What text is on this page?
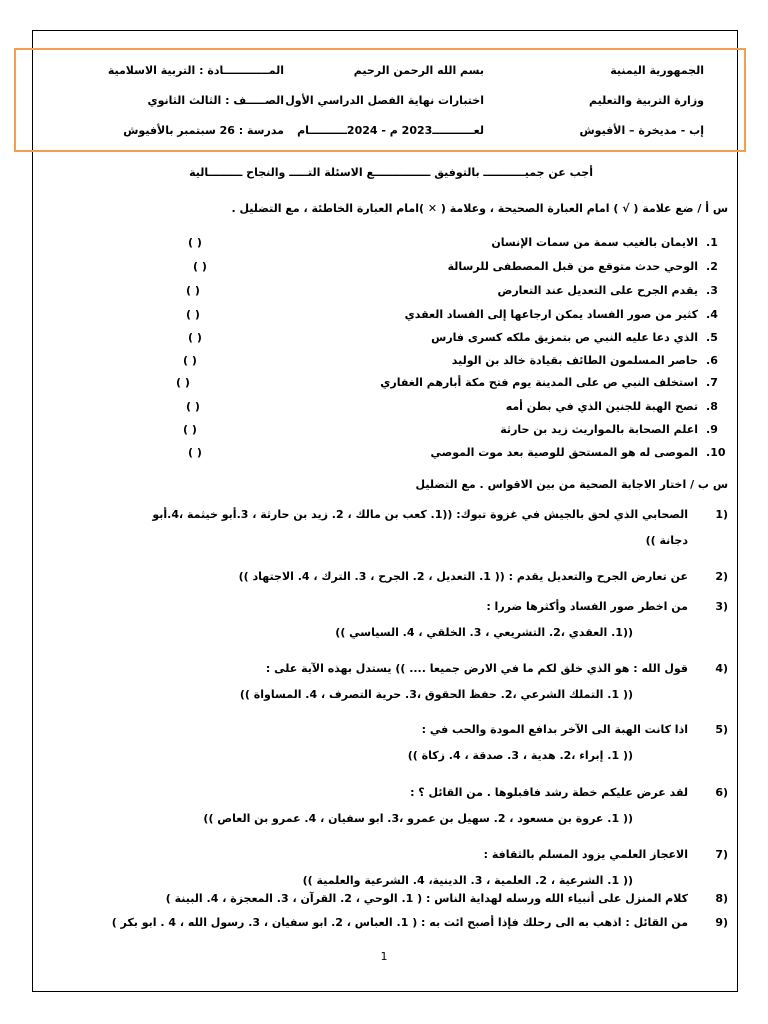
الجمهورية اليمنية
بسم الله الرحمن الرحيم
المــــــــــــادة : التربية الاسلامية
وزارة التربية والتعليم
اختبارات نهاية الفصل الدراسي الأول
الصـــــف : الثالث الثانوي
إب - مديخرة – الأفيوش
لعـــــــــــ2023 م - 2024ــــــــــام
مدرسة : 26 سبتمبر بالأفيوش
أجب عن جميـــــــــــ بالتوفيق ـــــــــــــــع الاسئلة التـــــ والنجاح ـــــــــالية
س أ / ضع علامة ( √ ) امام العبارة الصحيحة ، وعلامة ( ✕ )امام العبارة الخاطئة ، مع التضليل .
1.
الايمان بالغيب سمة من سمات الإنسان
( )
2.
الوحي حدث متوقع من قبل المصطفى للرسالة
( )
3.
يقدم الجرح على التعديل عند التعارض
( )
4.
كثير من صور الفساد يمكن ارجاعها إلى الفساد العقدي
( )
5.
الذي دعا عليه النبي ص بتمزيق ملكه كسرى فارس
( )
6.
حاصر المسلمون الطائف بقيادة خالد بن الوليد
( )
7.
استخلف النبي ص على المدينة يوم فتح مكة أبارهم الغفاري
( )
8.
تصح الهبة للجنين الذي في بطن أمه
( )
9.
اعلم الصحابة بالمواريث زيد بن حارثة
( )
10.
الموصى له هو المستحق للوصية بعد موت الموصي
( )
س ب / اختار الاجابة الصحية من بين الاقواس . مع التضليل
(1
الصحابي الذي لحق بالجيش في غزوة تبوك: ((1. كعب بن مالك ، 2. زيد بن حارثة ، 3.أبو خيثمة ،4.أبو
دجانة ))
(2
عن تعارض الجرح والتعديل يقدم : (( 1. التعديل ، 2. الجرح ، 3. الترك ، 4. الاجتهاد ))
(3
من اخطر صور الفساد وأكثرها ضررا :
((1. العقدي ،2. التشريعي ، 3. الخلقي ، 4. السياسي ))
(4
قول الله : هو الذي خلق لكم ما في الارض جميعا .... )) يستدل بهذه الآية على :
(( 1. التملك الشرعي ،2. حفظ الحقوق ،3. حرية التصرف ، 4. المساواة ))
(5
اذا كانت الهبة الى الآخر بدافع المودة والحب في :
(( 1. إبراء ،2. هدية ، 3. صدقة ، 4. زكاة ))
(6
لقد عرض عليكم خطة رشد فاقبلوها . من القائل ؟ :
(( 1. عروة بن مسعود ، 2. سهيل بن عمرو ،3. ابو سفيان ، 4. عمرو بن العاص ))
(7
الاعجاز العلمي يزود المسلم بالثقافة :
(( 1. الشرعية ، 2. العلمية ، 3. الدينية، 4. الشرعية والعلمية ))
(8
كلام المنزل على أنبياء الله ورسله لهداية الناس : ( 1. الوحي ، 2. القرآن ، 3. المعجزة ، 4. البينة )
(9
من القائل : اذهب به الى رحلك فإذا أصبح ائت به : ( 1. العباس ، 2. ابو سفيان ، 3. رسول الله ، 4 . ابو بكر )
1
